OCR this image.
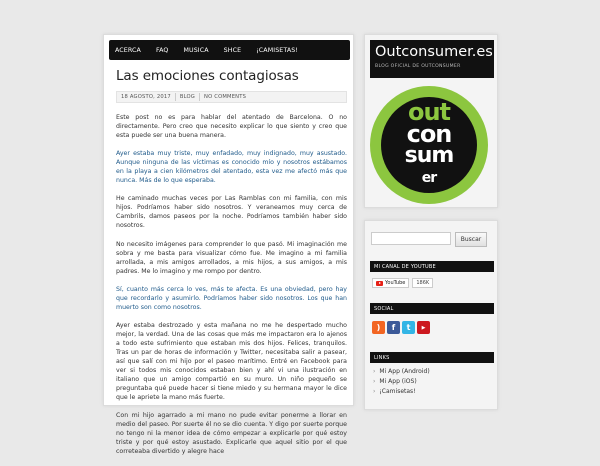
ACERCA FAQ MUSICA SHCE ¡CAMISETAS!
Las emociones contagiosas
18 AGOSTO, 2017 BLOG NO COMMENTS

Este post no es para hablar del atentado de Barcelona. O no directamente. Pero creo que necesito explicar lo que siento y creo que esta puede ser una buena manera.

Ayer estaba muy triste, muy enfadado, muy indignado, muy asustado. Aunque ninguna de las víctimas es conocido mío y nosotros estábamos en la playa a cien kilómetros del atentado, esta vez me afectó más que nunca. Más de lo que esperaba.

He caminado muchas veces por Las Ramblas con mi familia, con mis hijos. Podríamos haber sido nosotros. Y veraneamos muy cerca de Cambrils, damos paseos por la noche. Podríamos también haber sido nosotros.

No necesito imágenes para comprender lo que pasó. Mi imaginación me sobra y me basta para visualizar cómo fue. Me imagino a mi familia arrollada, a mis amigos arrollados, a mis hijos, a sus amigos, a mis padres. Me lo imagino y me rompo por dentro.

Sí, cuanto más cerca lo ves, más te afecta. Es una obviedad, pero hay que recordarlo y asumirlo. Podríamos haber sido nosotros. Los que han muerto son como nosotros.

Ayer estaba destrozado y esta mañana no me he despertado mucho mejor, la verdad. Una de las cosas que más me impactaron era lo ajenos a todo este sufrimiento que estaban mis dos hijos. Felices, tranquilos. Tras un par de horas de información y Twitter, necesitaba salir a pasear, así que salí con mi hijo por el paseo marítimo. Entré en Facebook para ver si todos mis conocidos estaban bien y ahí vi una ilustración en italiano que un amigo compartió en su muro. Un niño pequeño se preguntaba qué puede hacer si tiene miedo y su hermana mayor le dice que le apriete la mano más fuerte.

Con mi hijo agarrado a mi mano no pude evitar ponerme a llorar en medio del paseo. Por suerte él no se dio cuenta. Y digo por suerte porque no tengo ni la menor idea de cómo empezar a explicarle por qué estoy triste y por qué estoy asustado. Explicarle que aquel sitio por el que correteaba divertido y alegre hace

Outconsumer.es
BLOG OFICIAL DE OUTCONSUMER
out
con
sum
er
Buscar
MI CANAL DE YOUTUBE
YouTube	186K
SOCIAL
)	f	t	▶
LINKS
› Mi App (Android)
› Mi App (iOS)
› ¡Camisetas!
